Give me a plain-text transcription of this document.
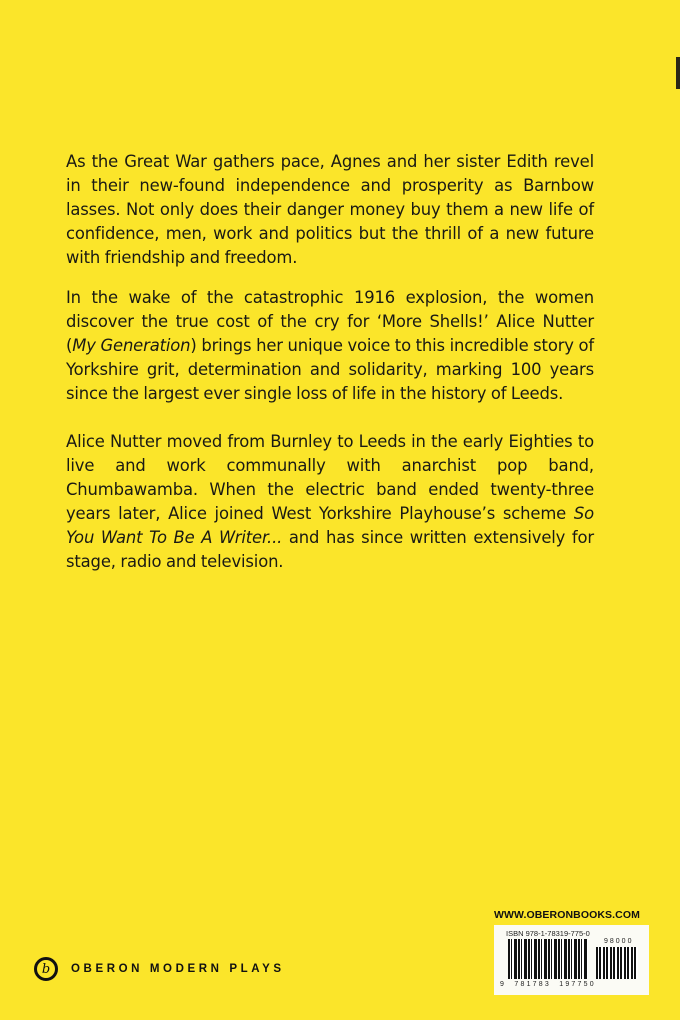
As the Great War gathers pace, Agnes and her sister Edith revel in their new-found independence and prosperity as Barnbow lasses. Not only does their danger money buy them a new life of confidence, men, work and politics but the thrill of a new future with friendship and freedom.

In the wake of the catastrophic 1916 explosion, the women discover the true cost of the cry for ‘More Shells!’ Alice Nutter (My Generation) brings her unique voice to this incredible story of Yorkshire grit, determination and solidarity, marking 100 years since the largest ever single loss of life in the history of Leeds.

Alice Nutter moved from Burnley to Leeds in the early Eighties to live and work communally with anarchist pop band, Chumbawamba. When the electric band ended twenty-three years later, Alice joined West Yorkshire Playhouse’s scheme So You Want To Be A Writer... and has since written extensively for stage, radio and television.

b OBERON MODERN PLAYS
WWW.OBERONBOOKS.COM
ISBN 978-1-78319-775-0
98000
9  781783  197750
